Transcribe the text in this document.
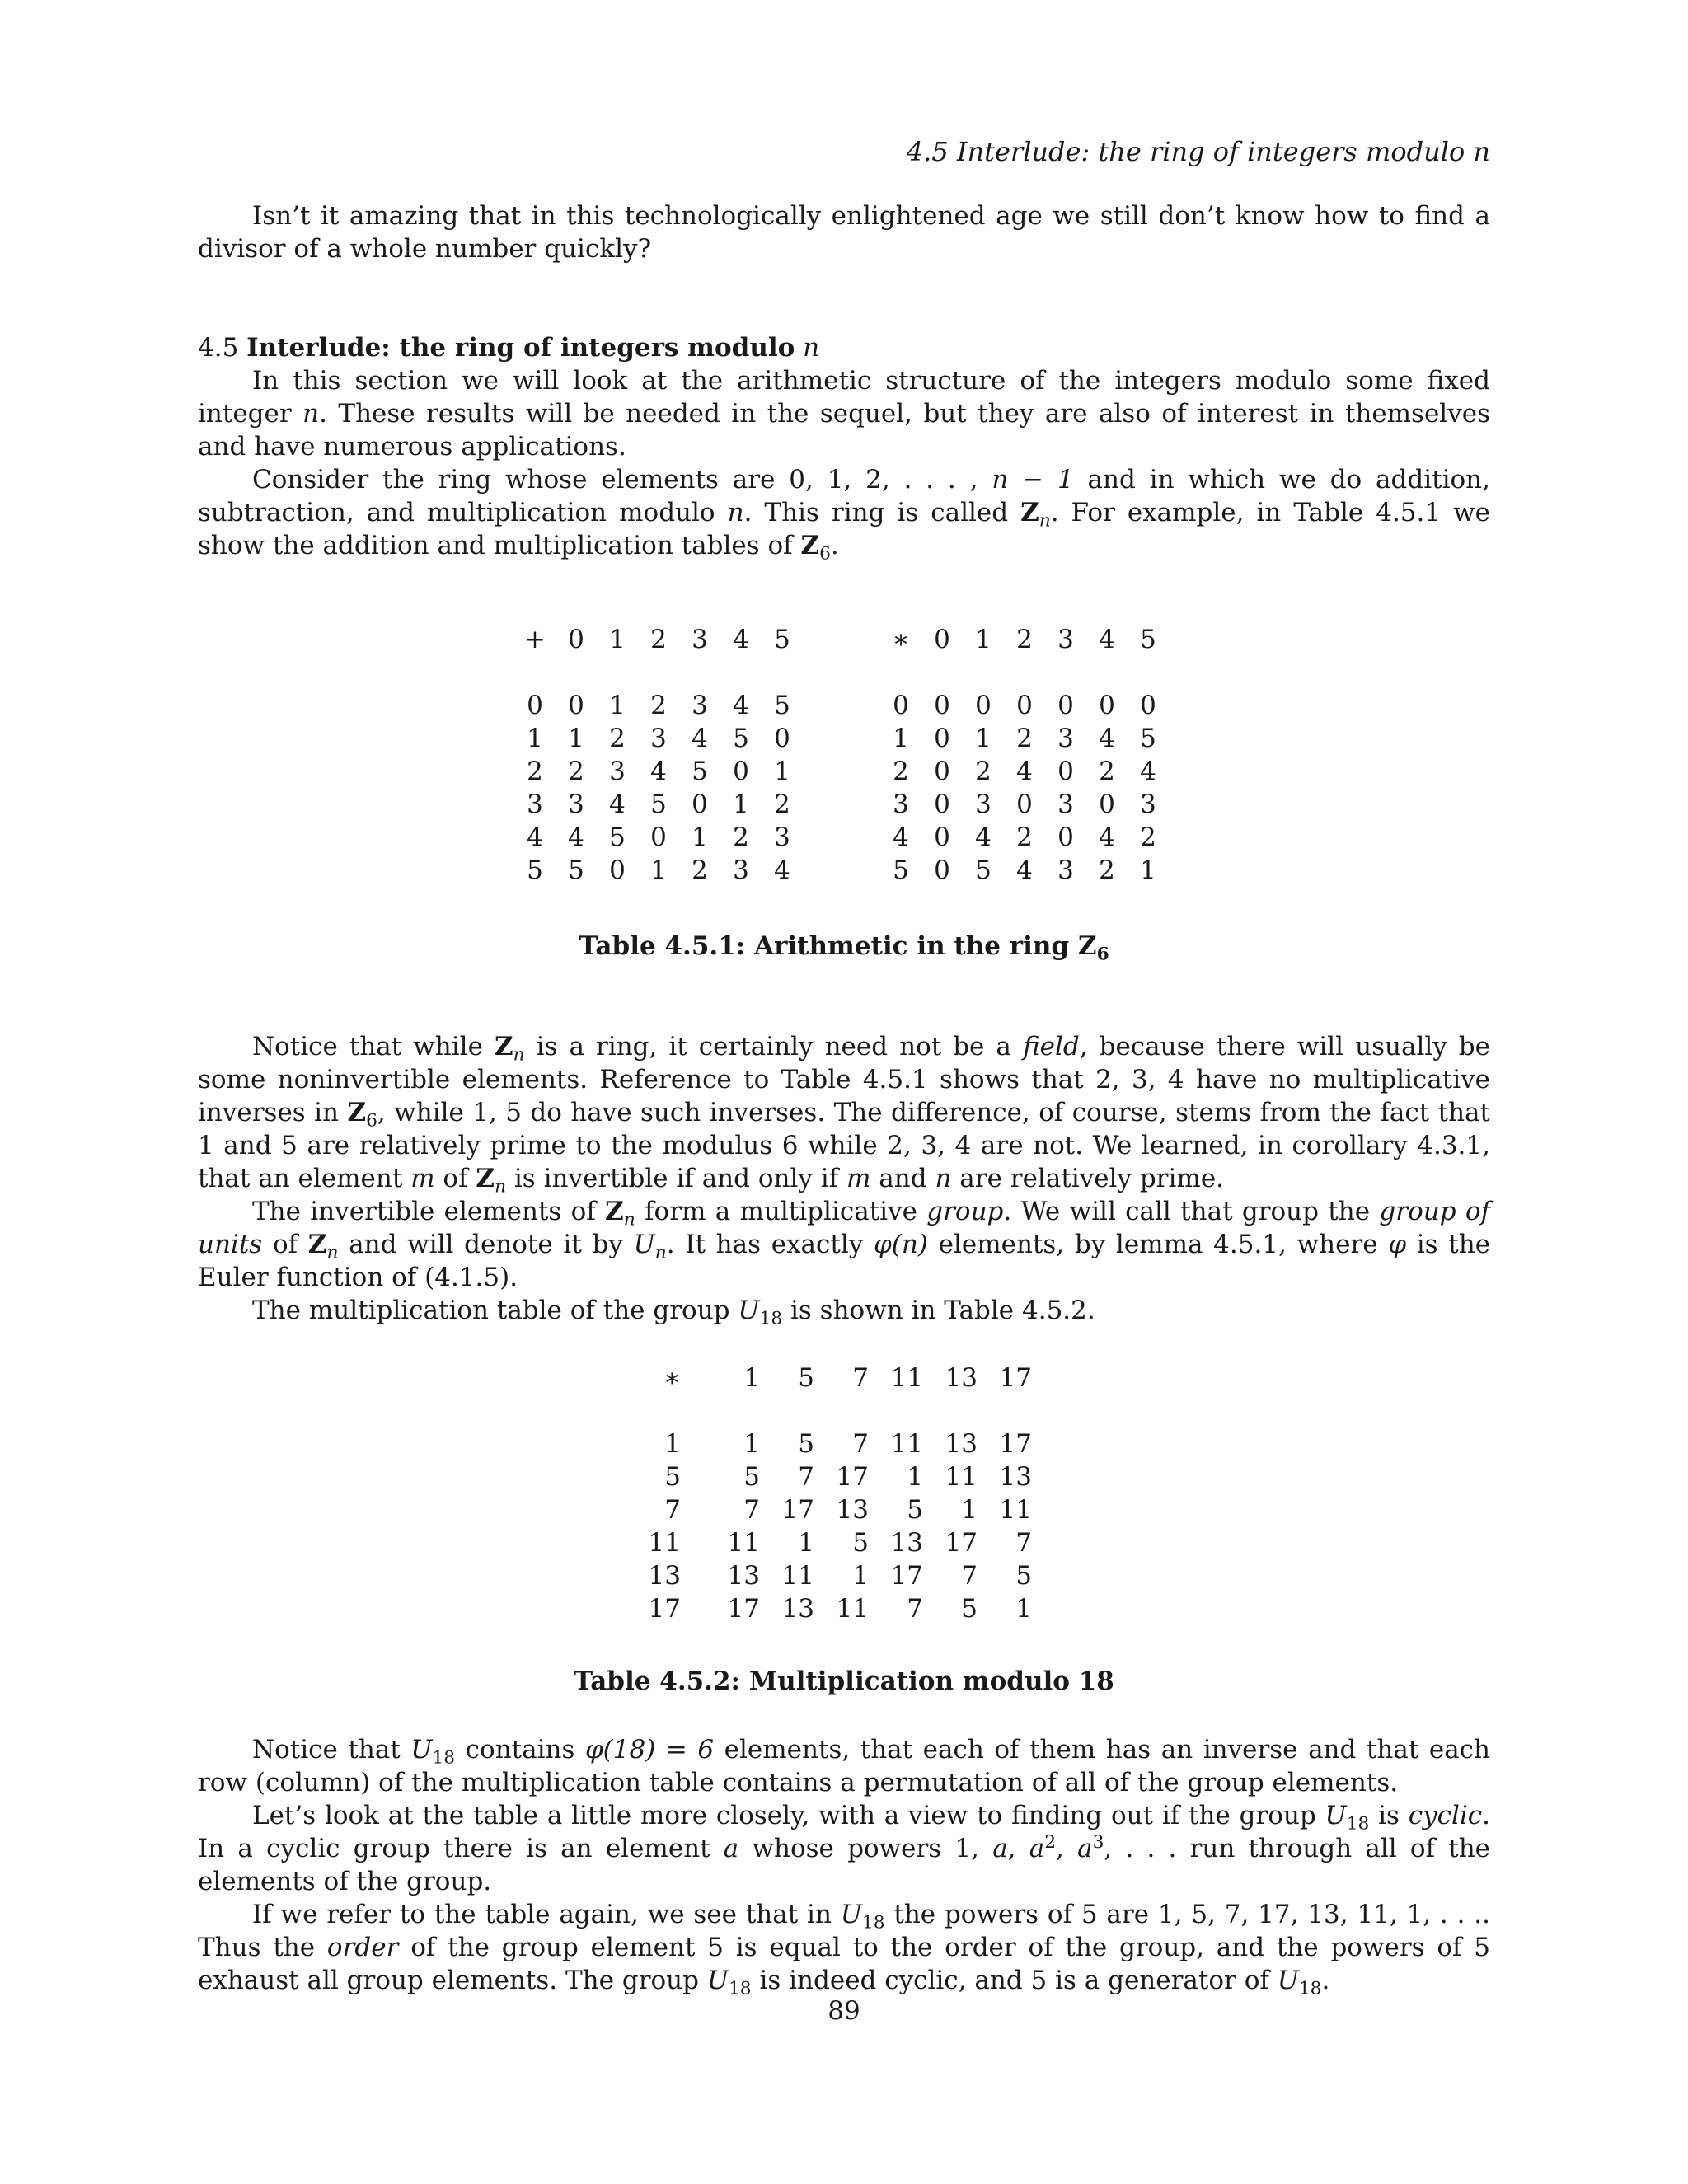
4.5 Interlude: the ring of integers modulo n

Isn’t it amazing that in this technologically enlightened age we still don’t know how to find a divisor of a whole number quickly?

4.5 Interlude: the ring of integers modulo n

In this section we will look at the arithmetic structure of the integers modulo some fixed integer n. These results will be needed in the sequel, but they are also of interest in themselves and have numerous applications.

Consider the ring whose elements are 0, 1, 2, . . . , n − 1 and in which we do addition, subtraction, and multiplication modulo n. This ring is called $Z_n$. For example, in Table 4.5.1 we show the addition and multiplication tables of $Z_6$.

+	0	1	2	3	4	5

0	0	1	2	3	4	5
1	1	2	3	4	5	0
2	2	3	4	5	0	1
3	3	4	5	0	1	2
4	4	5	0	1	2	3
5	5	0	1	2	3	4
∗	0	1	2	3	4	5

0	0	0	0	0	0	0
1	0	1	2	3	4	5
2	0	2	4	0	2	4
3	0	3	0	3	0	3
4	0	4	2	0	4	2
5	0	5	4	3	2	1
Table 4.5.1: Arithmetic in the ring $Z_6$

Notice that while $Z_n$ is a ring, it certainly need not be a field, because there will usually be some noninvertible elements. Reference to Table 4.5.1 shows that 2, 3, 4 have no multiplicative inverses in $Z_6$, while 1, 5 do have such inverses. The difference, of course, stems from the fact that 1 and 5 are relatively prime to the modulus 6 while 2, 3, 4 are not. We learned, in corollary 4.3.1, that an element m of $Z_n$ is invertible if and only if m and n are relatively prime.

The invertible elements of $Z_n$ form a multiplicative group. We will call that group the group of units of $Z_n$ and will denote it by $U_n$. It has exactly φ(n) elements, by lemma 4.5.1, where φ is the Euler function of (4.1.5).

The multiplication table of the group $U_{18}$ is shown in Table 4.5.2.

∗		1	5	7	11	13	17

1		1	5	7	11	13	17
5		5	7	17	1	11	13
7		7	17	13	5	1	11
11		11	1	5	13	17	7
13		13	11	1	17	7	5
17		17	13	11	7	5	1
Table 4.5.2: Multiplication modulo 18

Notice that $U_{18}$ contains φ(18) = 6 elements, that each of them has an inverse and that each row (column) of the multiplication table contains a permutation of all of the group elements.

Let’s look at the table a little more closely, with a view to finding out if the group $U_{18}$ is cyclic. In a cyclic group there is an element a whose powers 1, a, $a^2$, $a^3$, . . . run through all of the elements of the group.

If we refer to the table again, we see that in $U_{18}$ the powers of 5 are 1, 5, 7, 17, 13, 11, 1, . . .. Thus the order of the group element 5 is equal to the order of the group, and the powers of 5 exhaust all group elements. The group $U_{18}$ is indeed cyclic, and 5 is a generator of $U_{18}$.

89
